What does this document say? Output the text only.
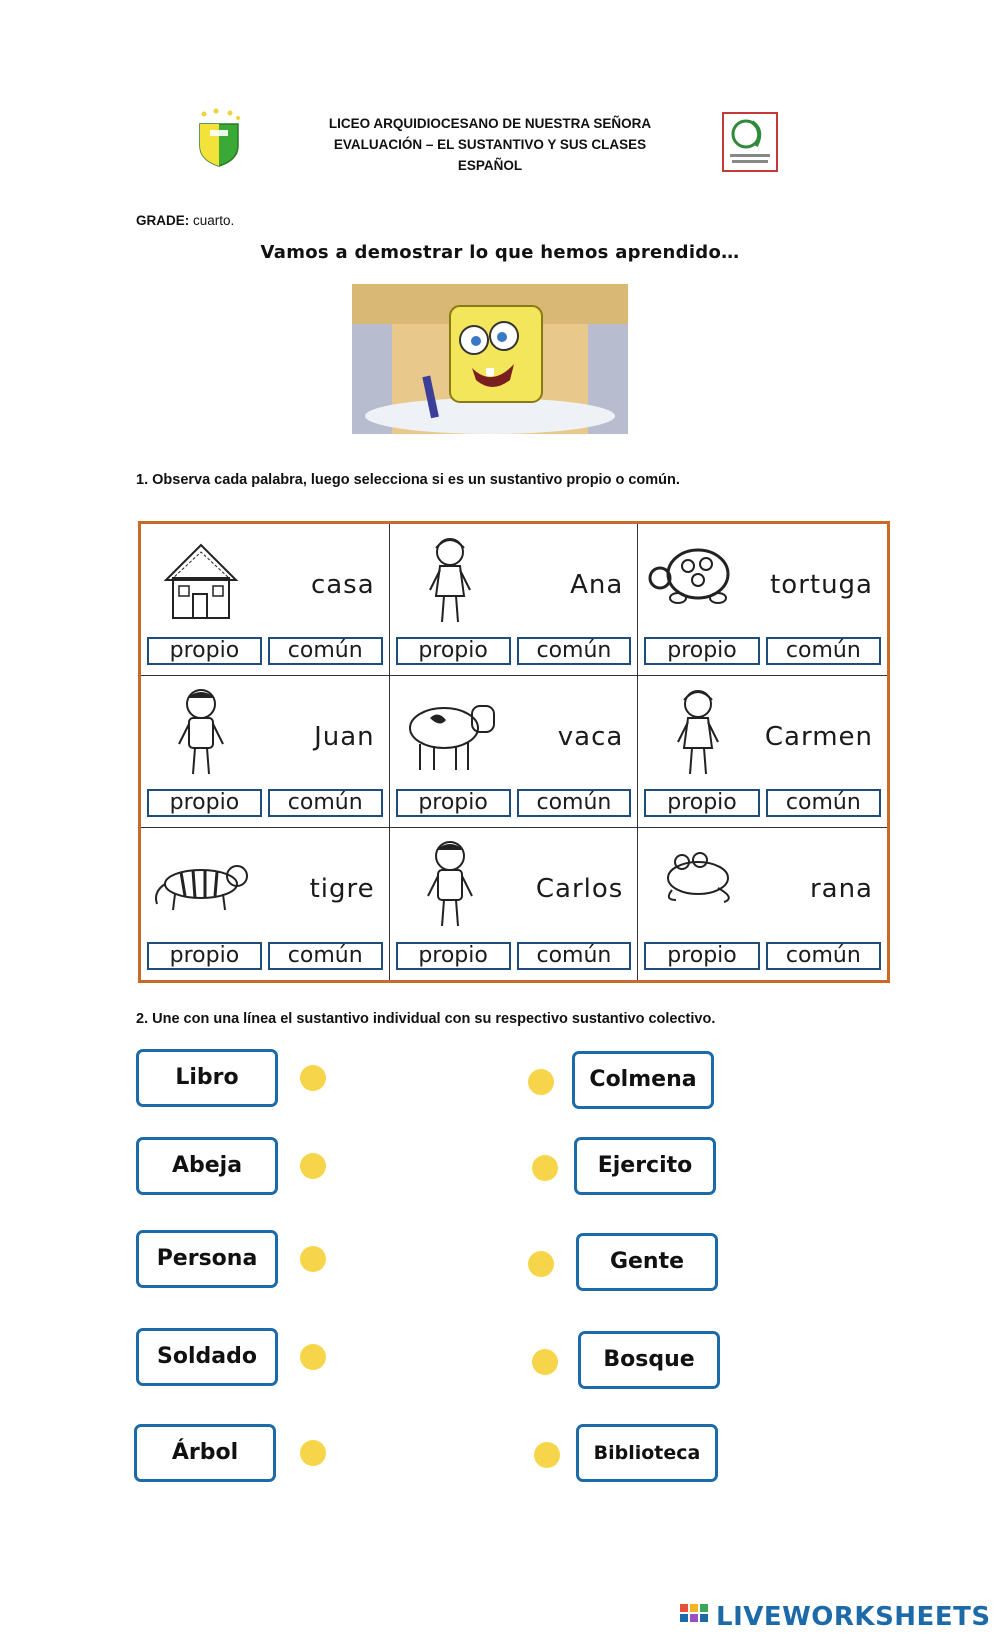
LICEO ARQUIDIOCESANO DE NUESTRA SEÑORA
EVALUACIÓN – EL SUSTANTIVO Y SUS CLASES
ESPAÑOL
GRADE: cuarto.
Vamos a demostrar lo que hemos aprendido…
1. Observa cada palabra, luego selecciona si es un sustantivo propio o común.
casa
propio	común
Ana
propio	común
tortuga
propio	común
Juan
propio	común
vaca
propio	común
Carmen
propio	común
tigre
propio	común
Carlos
propio	común
rana
propio	común
2. Une con una línea el sustantivo individual con su respectivo sustantivo colectivo.
Libro
Abeja
Persona
Soldado
Árbol
Colmena
Ejercito
Gente
Bosque
Biblioteca
LIVEWORKSHEETS
